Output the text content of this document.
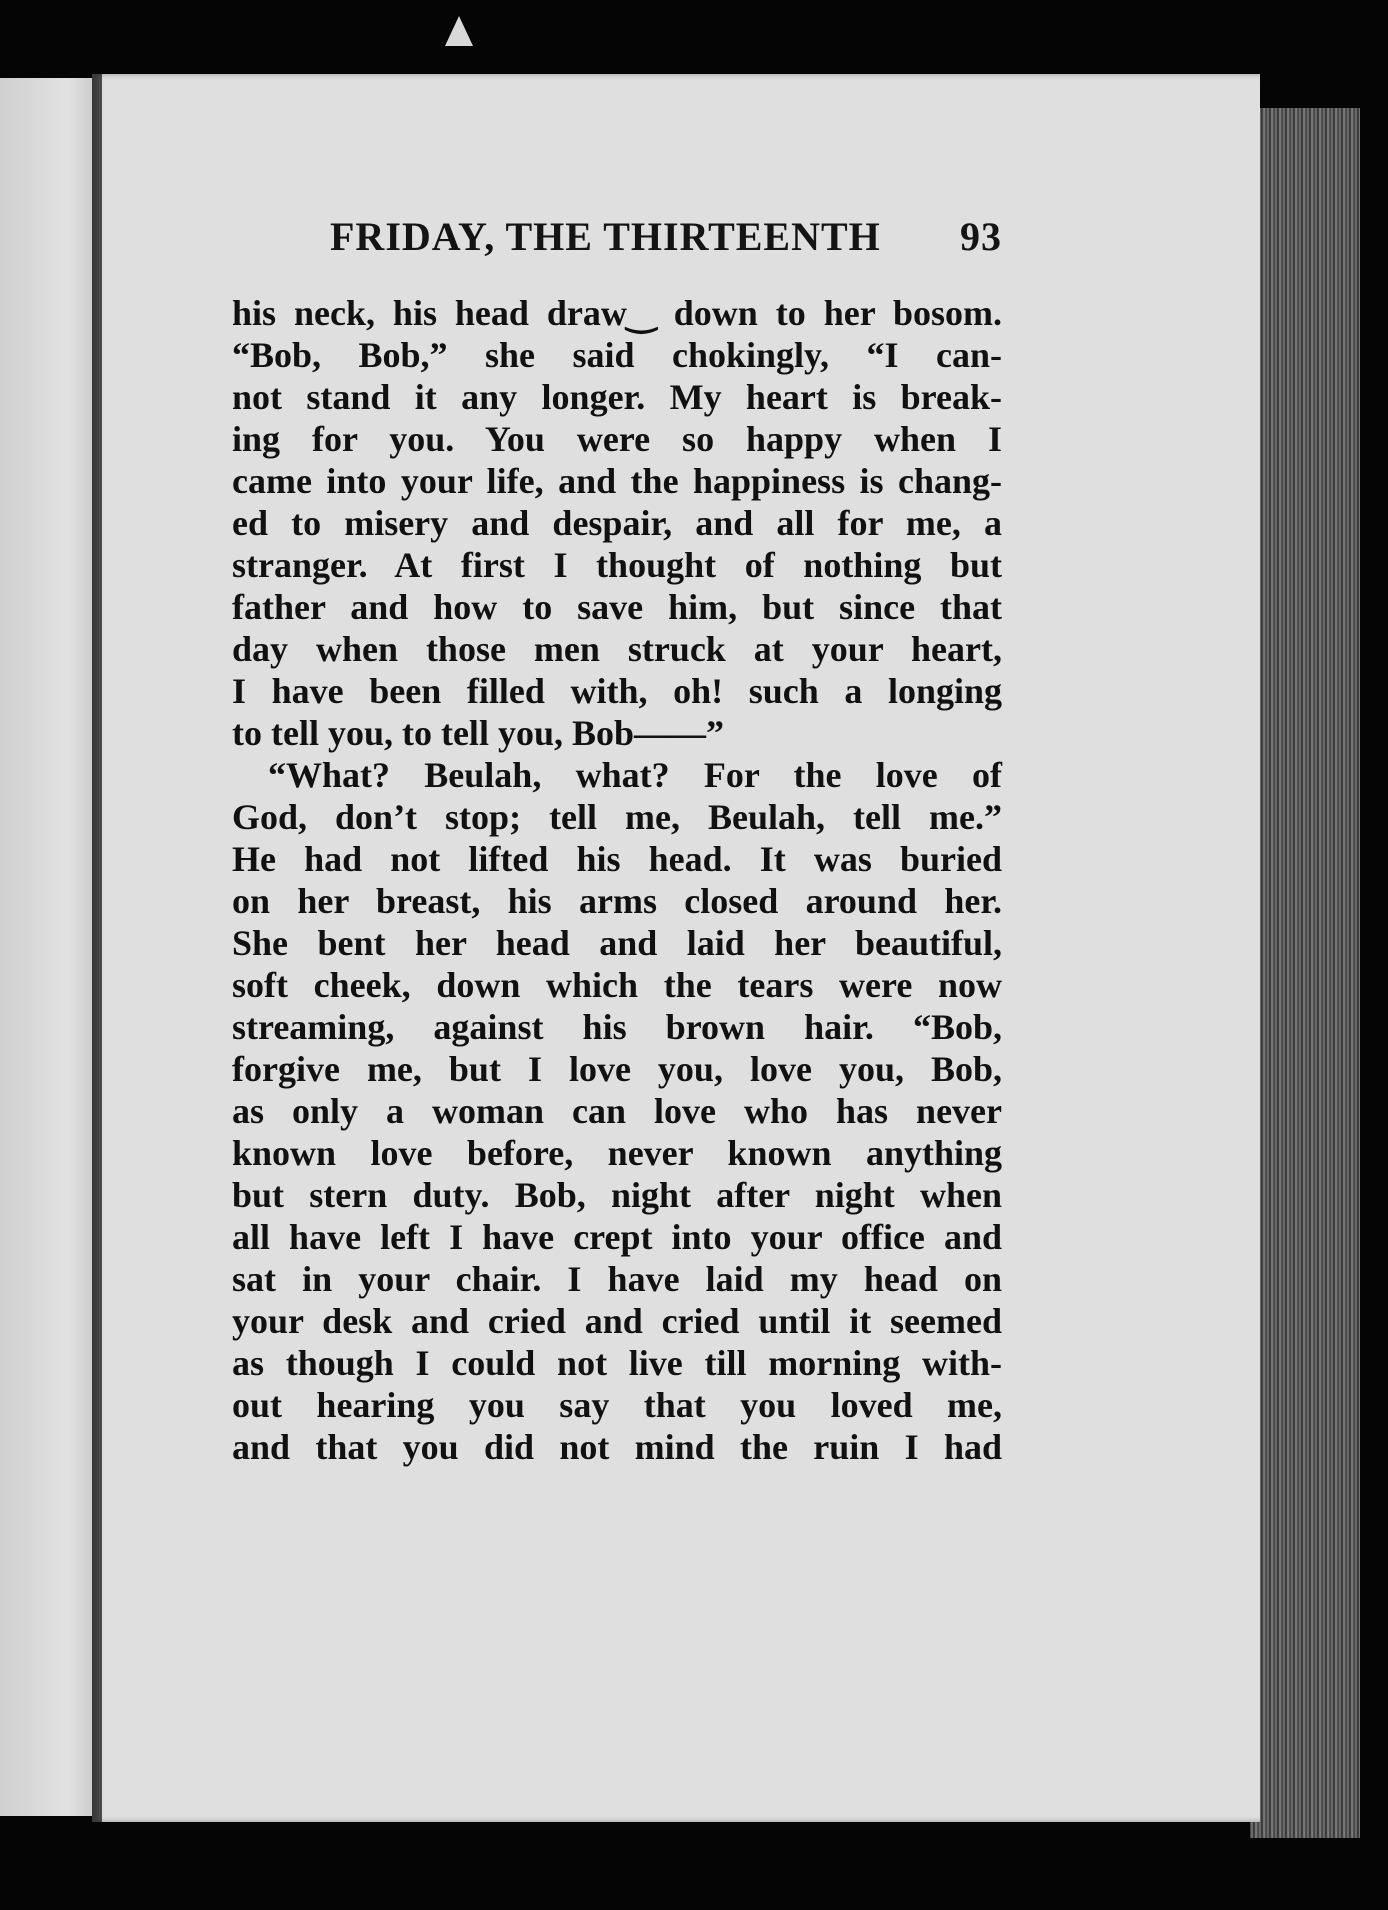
FRIDAY, THE THIRTEENTH 93
his neck, his head draw‿ down to her bosom.
“Bob, Bob,” she said chokingly, “I can-
not stand it any longer. My heart is break-
ing for you. You were so happy when I
came into your life, and the happiness is chang-
ed to misery and despair, and all for me, a
stranger. At first I thought of nothing but
father and how to save him, but since that
day when those men struck at your heart,
I have been filled with, oh! such a longing
to tell you, to tell you, Bob——”
“What? Beulah, what? For the love of
God, don’t stop; tell me, Beulah, tell me.”
He had not lifted his head. It was buried
on her breast, his arms closed around her.
She bent her head and laid her beautiful,
soft cheek, down which the tears were now
streaming, against his brown hair. “Bob,
forgive me, but I love you, love you, Bob,
as only a woman can love who has never
known love before, never known anything
but stern duty. Bob, night after night when
all have left I have crept into your office and
sat in your chair. I have laid my head on
your desk and cried and cried until it seemed
as though I could not live till morning with-
out hearing you say that you loved me,
and that you did not mind the ruin I had
